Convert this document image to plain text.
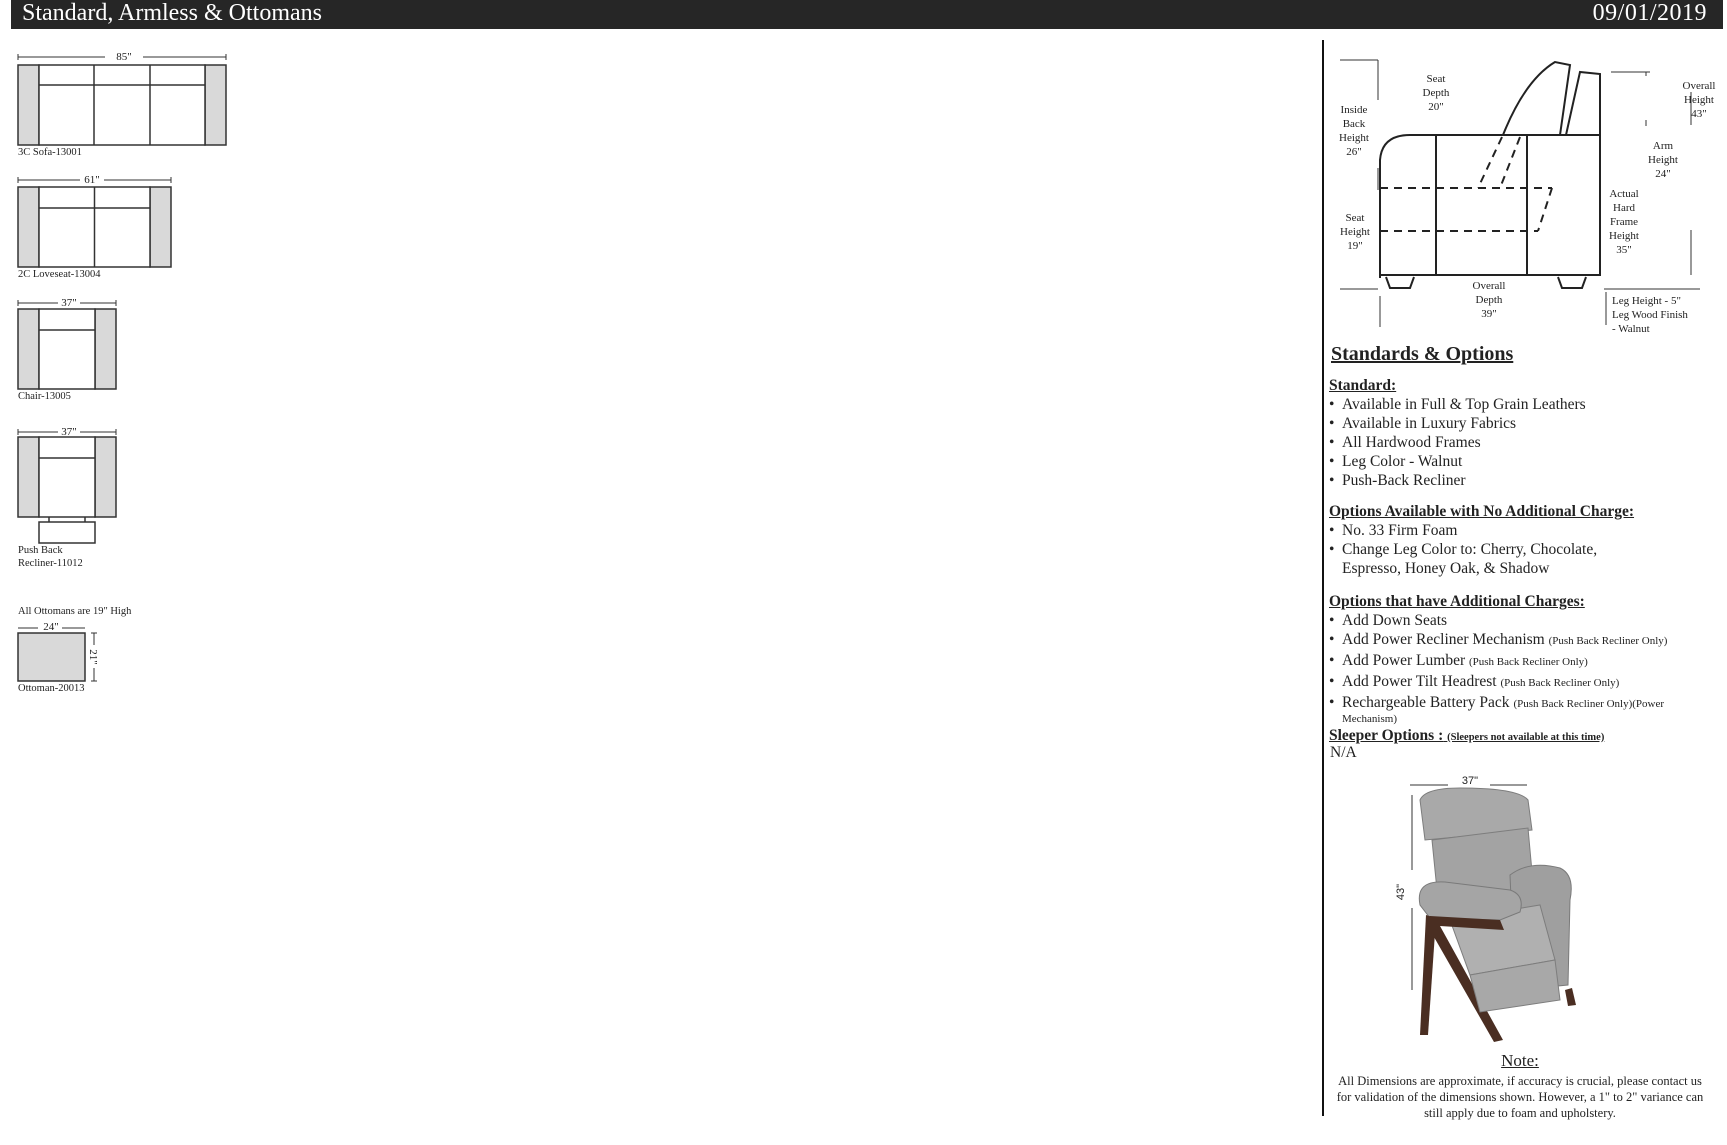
Standard, Armless & Ottomans	09/01/2019
85"
3C Sofa-13001
61"
2C Loveseat-13004
37"
Chair-13005
37"
Push Back
Recliner-11012
All Ottomans are 19" High
24"
21"
Ottoman-20013
Inside
Back
Height
26"
Seat
Depth
20"
Overall
Height
43"
Arm
Height
24"
Seat
Height
19"
Actual
Hard
Frame
Height
35"
Overall
Depth
39"
Leg Height - 5"
Leg Wood Finish
- Walnut
Standards & Options
Standard:
• Available in Full & Top Grain Leathers
• Available in Luxury Fabrics
• All Hardwood Frames
• Leg Color - Walnut
• Push-Back Recliner
Options Available with No Additional Charge:
• No. 33 Firm Foam
• Change Leg Color to: Cherry, Chocolate, Espresso, Honey Oak, & Shadow
Options that have Additional Charges:
• Add Down Seats
• Add Power Recliner Mechanism (Push Back Recliner Only)
• Add Power Lumber (Push Back Recliner Only)
• Add Power Tilt Headrest (Push Back Recliner Only)
• Rechargeable Battery Pack (Push Back Recliner Only)(Power Mechanism)
Sleeper Options : (Sleepers not available at this time)
N/A
37"
43"
Note:
All Dimensions are approximate, if accuracy is crucial, please contact us for validation of the dimensions shown. However, a 1" to 2" variance can still apply due to foam and upholstery.
